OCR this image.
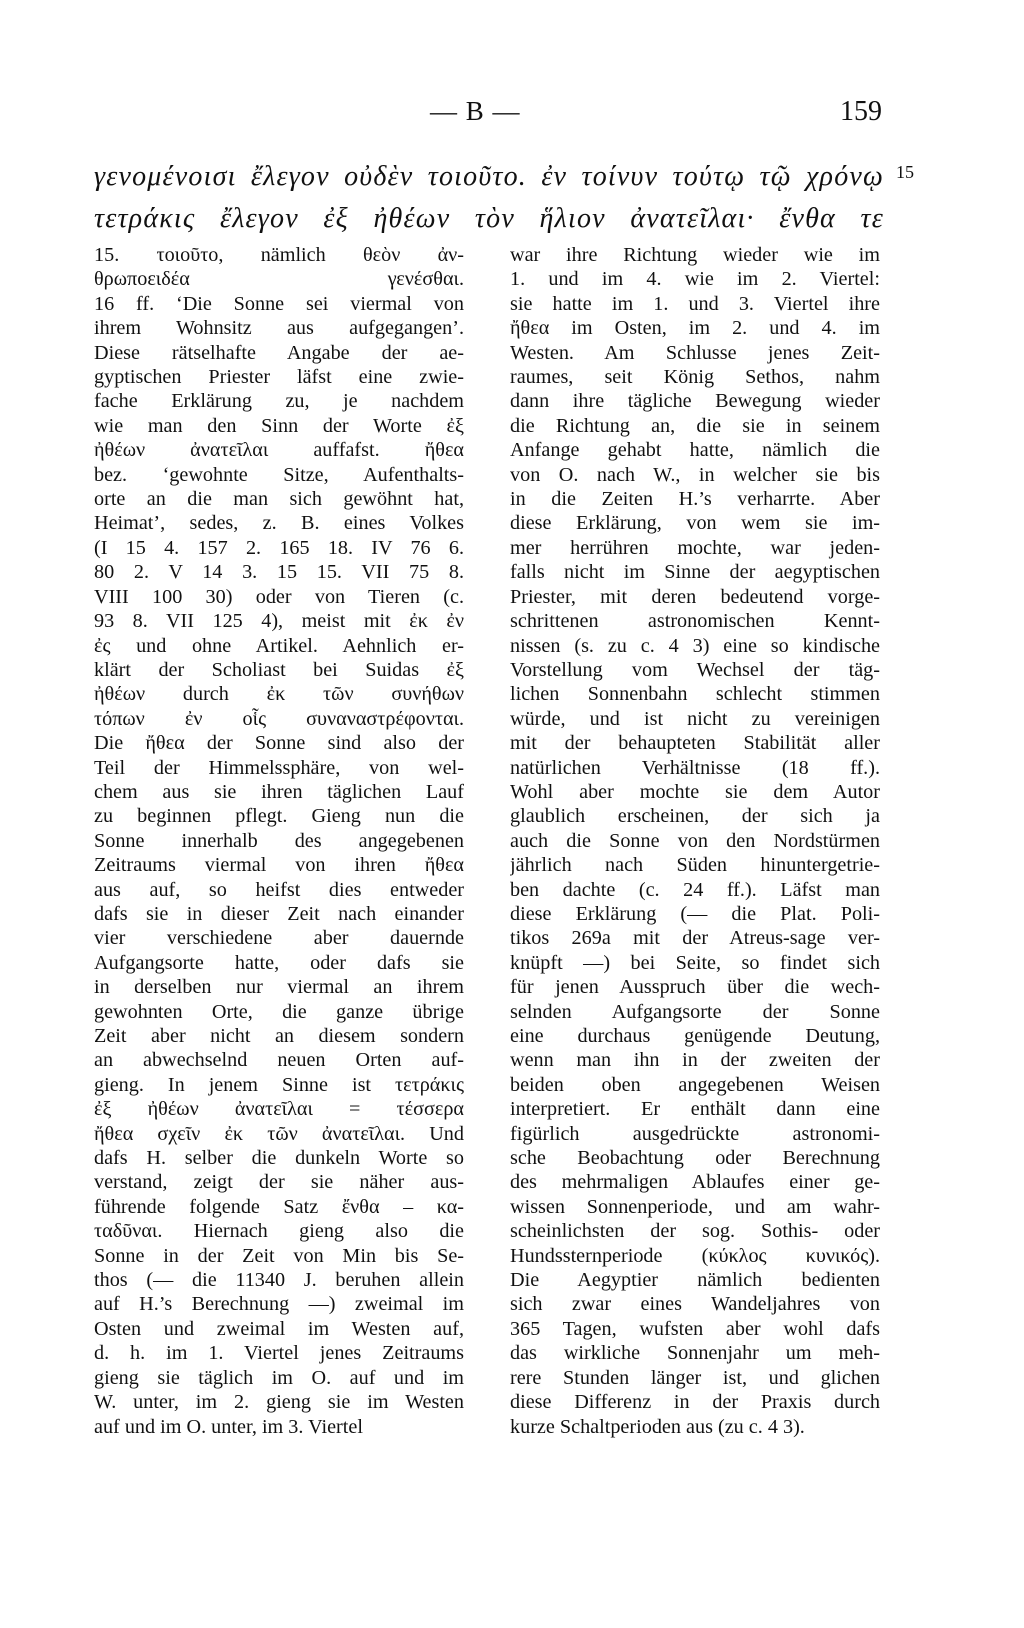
— B —	159
γενομένοισι ἔλεγον οὐδὲν τοιοῦτο. ἐν τοίνυν τούτῳ τῷ χρόνῳ
τετράκις ἔλεγον ἐξ ἠθέων τὸν ἥλιον ἀνατεῖλαι· ἔνθα τε
15
15. τοιοῦτο, nämlich θεὸν ἀν-
θρωποειδέα γενέσθαι.
16 ff. ‘Die Sonne sei viermal von
ihrem Wohnsitz aus aufgegangen’.
Diese rätselhafte Angabe der ae-
gyptischen Priester läfst eine zwie-
fache Erklärung zu, je nachdem
wie man den Sinn der Worte ἐξ
ἠθέων ἀνατεῖλαι auffafst. ἤθεα
bez. ‘gewohnte Sitze, Aufenthalts-
orte an die man sich gewöhnt hat,
Heimat’, sedes, z. B. eines Volkes
(I 15 4. 157 2. 165 18. IV 76 6.
80 2. V 14 3. 15 15. VII 75 8.
VIII 100 30) oder von Tieren (c.
93 8. VII 125 4), meist mit ἐκ ἐν
ἐς und ohne Artikel. Aehnlich er-
klärt der Scholiast bei Suidas ἐξ
ἠθέων durch ἐκ τῶν συνήθων
τόπων ἐν οἷς συναναστρέφονται.
Die ἤθεα der Sonne sind also der
Teil der Himmelssphäre, von wel-
chem aus sie ihren täglichen Lauf
zu beginnen pflegt. Gieng nun die
Sonne innerhalb des angegebenen
Zeitraums viermal von ihren ἤθεα
aus auf, so heifst dies entweder
dafs sie in dieser Zeit nach einander
vier verschiedene aber dauernde
Aufgangsorte hatte, oder dafs sie
in derselben nur viermal an ihrem
gewohnten Orte, die ganze übrige
Zeit aber nicht an diesem sondern
an abwechselnd neuen Orten auf-
gieng. In jenem Sinne ist τετράκις
ἐξ ἠθέων ἀνατεῖλαι = τέσσερα
ἤθεα σχεῖν ἐκ τῶν ἀνατεῖλαι. Und
dafs H. selber die dunkeln Worte so
verstand, zeigt der sie näher aus-
führende folgende Satz ἔνθα – κα-
ταδῦναι. Hiernach gieng also die
Sonne in der Zeit von Min bis Se-
thos (— die 11340 J. beruhen allein
auf H.’s Berechnung —) zweimal im
Osten und zweimal im Westen auf,
d. h. im 1. Viertel jenes Zeitraums
gieng sie täglich im O. auf und im
W. unter, im 2. gieng sie im Westen
auf und im O. unter, im 3. Viertel
war ihre Richtung wieder wie im
1. und im 4. wie im 2. Viertel:
sie hatte im 1. und 3. Viertel ihre
ἤθεα im Osten, im 2. und 4. im
Westen. Am Schlusse jenes Zeit-
raumes, seit König Sethos, nahm
dann ihre tägliche Bewegung wieder
die Richtung an, die sie in seinem
Anfange gehabt hatte, nämlich die
von O. nach W., in welcher sie bis
in die Zeiten H.’s verharrte. Aber
diese Erklärung, von wem sie im-
mer herrühren mochte, war jeden-
falls nicht im Sinne der aegyptischen
Priester, mit deren bedeutend vorge-
schrittenen astronomischen Kennt-
nissen (s. zu c. 4 3) eine so kindische
Vorstellung vom Wechsel der täg-
lichen Sonnenbahn schlecht stimmen
würde, und ist nicht zu vereinigen
mit der behaupteten Stabilität aller
natürlichen Verhältnisse (18 ff.).
Wohl aber mochte sie dem Autor
glaublich erscheinen, der sich ja
auch die Sonne von den Nordstürmen
jährlich nach Süden hinuntergetrie-
ben dachte (c. 24 ff.). Läfst man
diese Erklärung (— die Plat. Poli-
tikos 269a mit der Atreus-sage ver-
knüpft —) bei Seite, so findet sich
für jenen Ausspruch über die wech-
selnden Aufgangsorte der Sonne
eine durchaus genügende Deutung,
wenn man ihn in der zweiten der
beiden oben angegebenen Weisen
interpretiert. Er enthält dann eine
figürlich ausgedrückte astronomi-
sche Beobachtung oder Berechnung
des mehrmaligen Ablaufes einer ge-
wissen Sonnenperiode, und am wahr-
scheinlichsten der sog. Sothis- oder
Hundssternperiode (κύκλος κυνικός).
Die Aegyptier nämlich bedienten
sich zwar eines Wandeljahres von
365 Tagen, wufsten aber wohl dafs
das wirkliche Sonnenjahr um meh-
rere Stunden länger ist, und glichen
diese Differenz in der Praxis durch
kurze Schaltperioden aus (zu c. 4 3).
